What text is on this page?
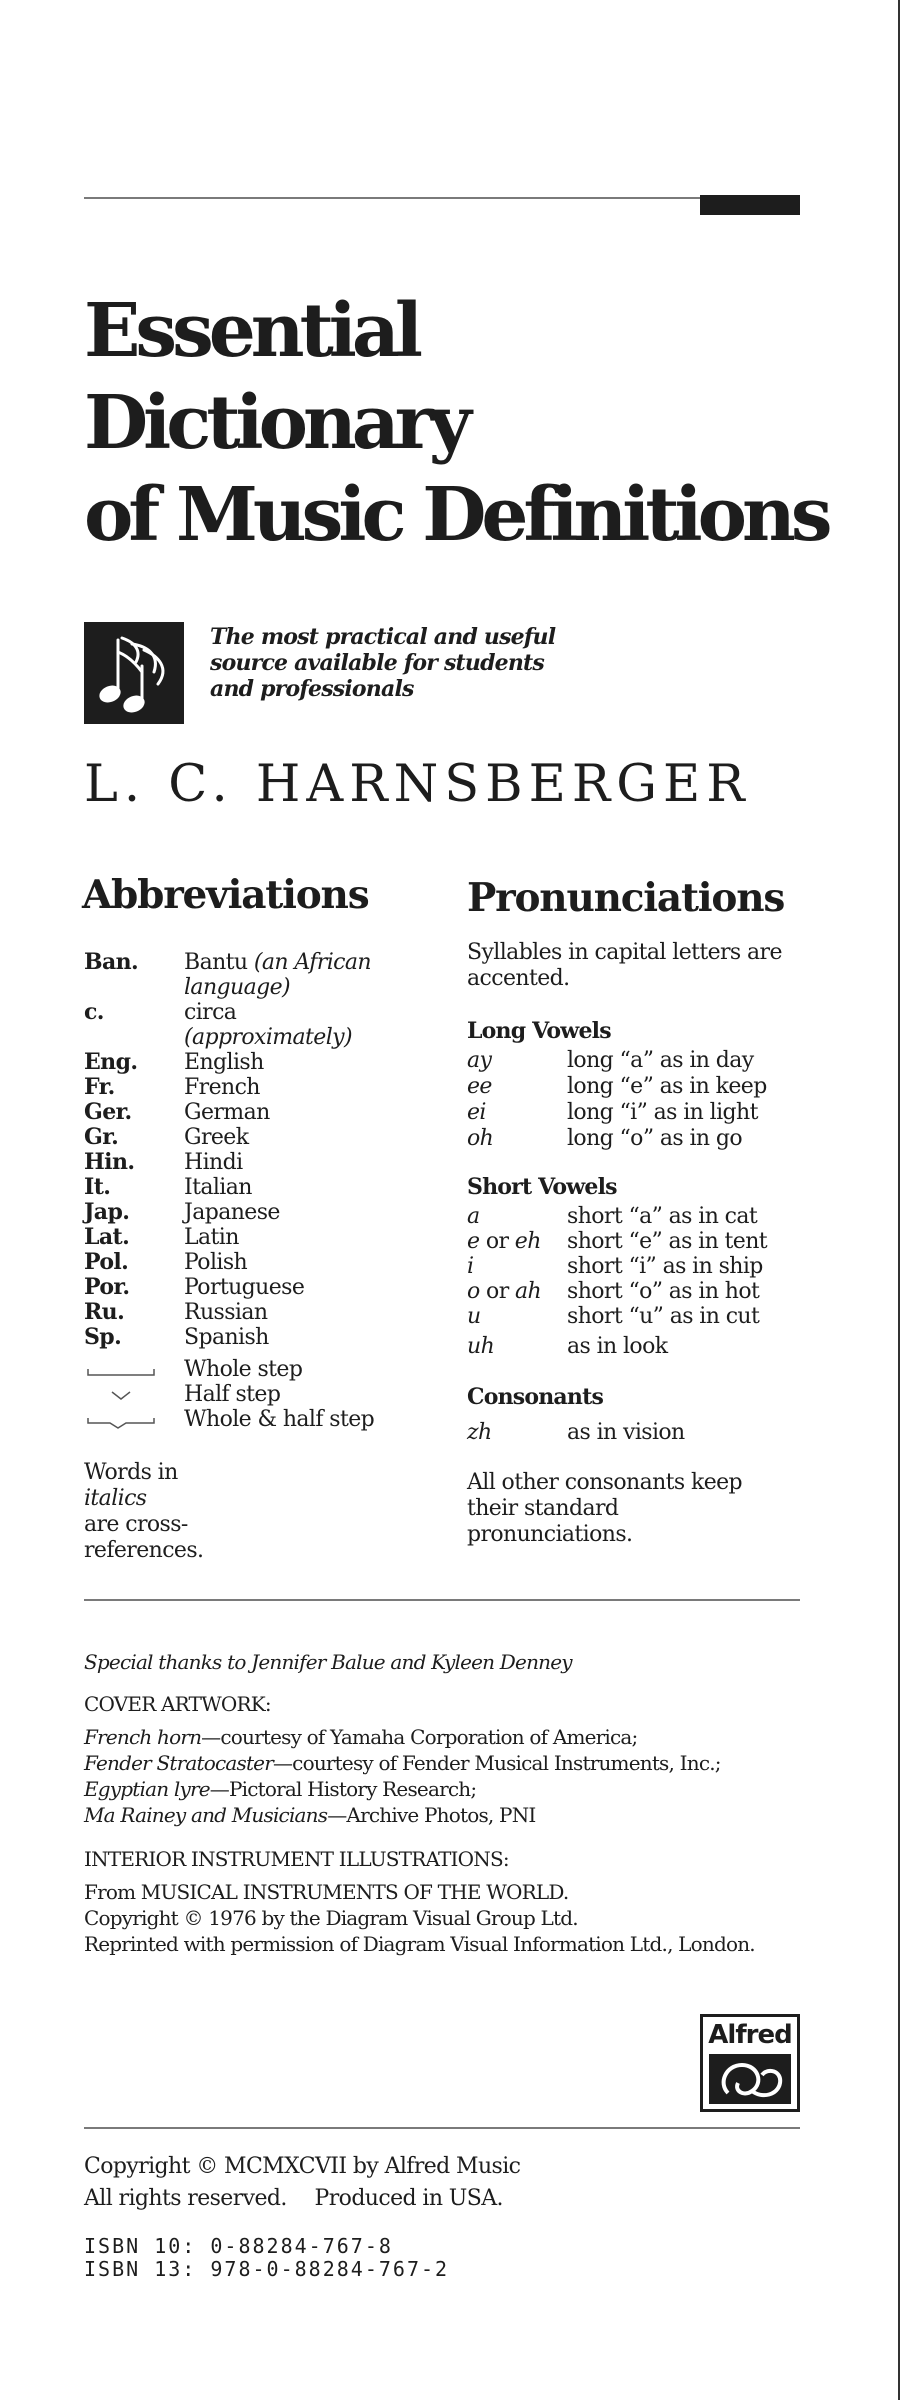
Essential
Dictionary
of Music Definitions
The most practical and useful
source available for students
and professionals
L. C. HARNSBERGER
Abbreviations
Ban. Bantu (an African
language)
c.	circa
(approximately)
Eng. English
Fr.	French
Ger. German
Gr.	Greek
Hin. Hindi
It.	Italian
Jap. Japanese
Lat. Latin
Pol.	Polish
Por. Portuguese
Ru.	Russian
Sp.	Spanish
Whole step
Half step
Whole & half step
Words in
italics
are cross-
references.
Pronunciations
Syllables in capital letters are
accented.
Long Vowels
ay	long “a” as in day
ee	long “e” as in keep
ei	long “i” as in light
oh	long “o” as in go
Short Vowels
a	short “a” as in cat
e or eh short “e” as in tent
i	short “i” as in ship
o or ah short “o” as in hot
u	short “u” as in cut
uh	as in look
Consonants
zh	as in vision
All other consonants keep
their standard
pronunciations.
Special thanks to Jennifer Balue and Kyleen Denney
COVER ARTWORK:
French horn—courtesy of Yamaha Corporation of America;
Fender Stratocaster—courtesy of Fender Musical Instruments, Inc.;
Egyptian lyre—Pictoral History Research;
Ma Rainey and Musicians—Archive Photos, PNI
INTERIOR INSTRUMENT ILLUSTRATIONS:
From MUSICAL INSTRUMENTS OF THE WORLD.
Copyright © 1976 by the Diagram Visual Group Ltd.
Reprinted with permission of Diagram Visual Information Ltd., London.
Alfred
Copyright © MCMXCVII by Alfred Music
All rights reserved.  Produced in USA.
ISBN 10: 0-88284-767-8
ISBN 13: 978-0-88284-767-2
